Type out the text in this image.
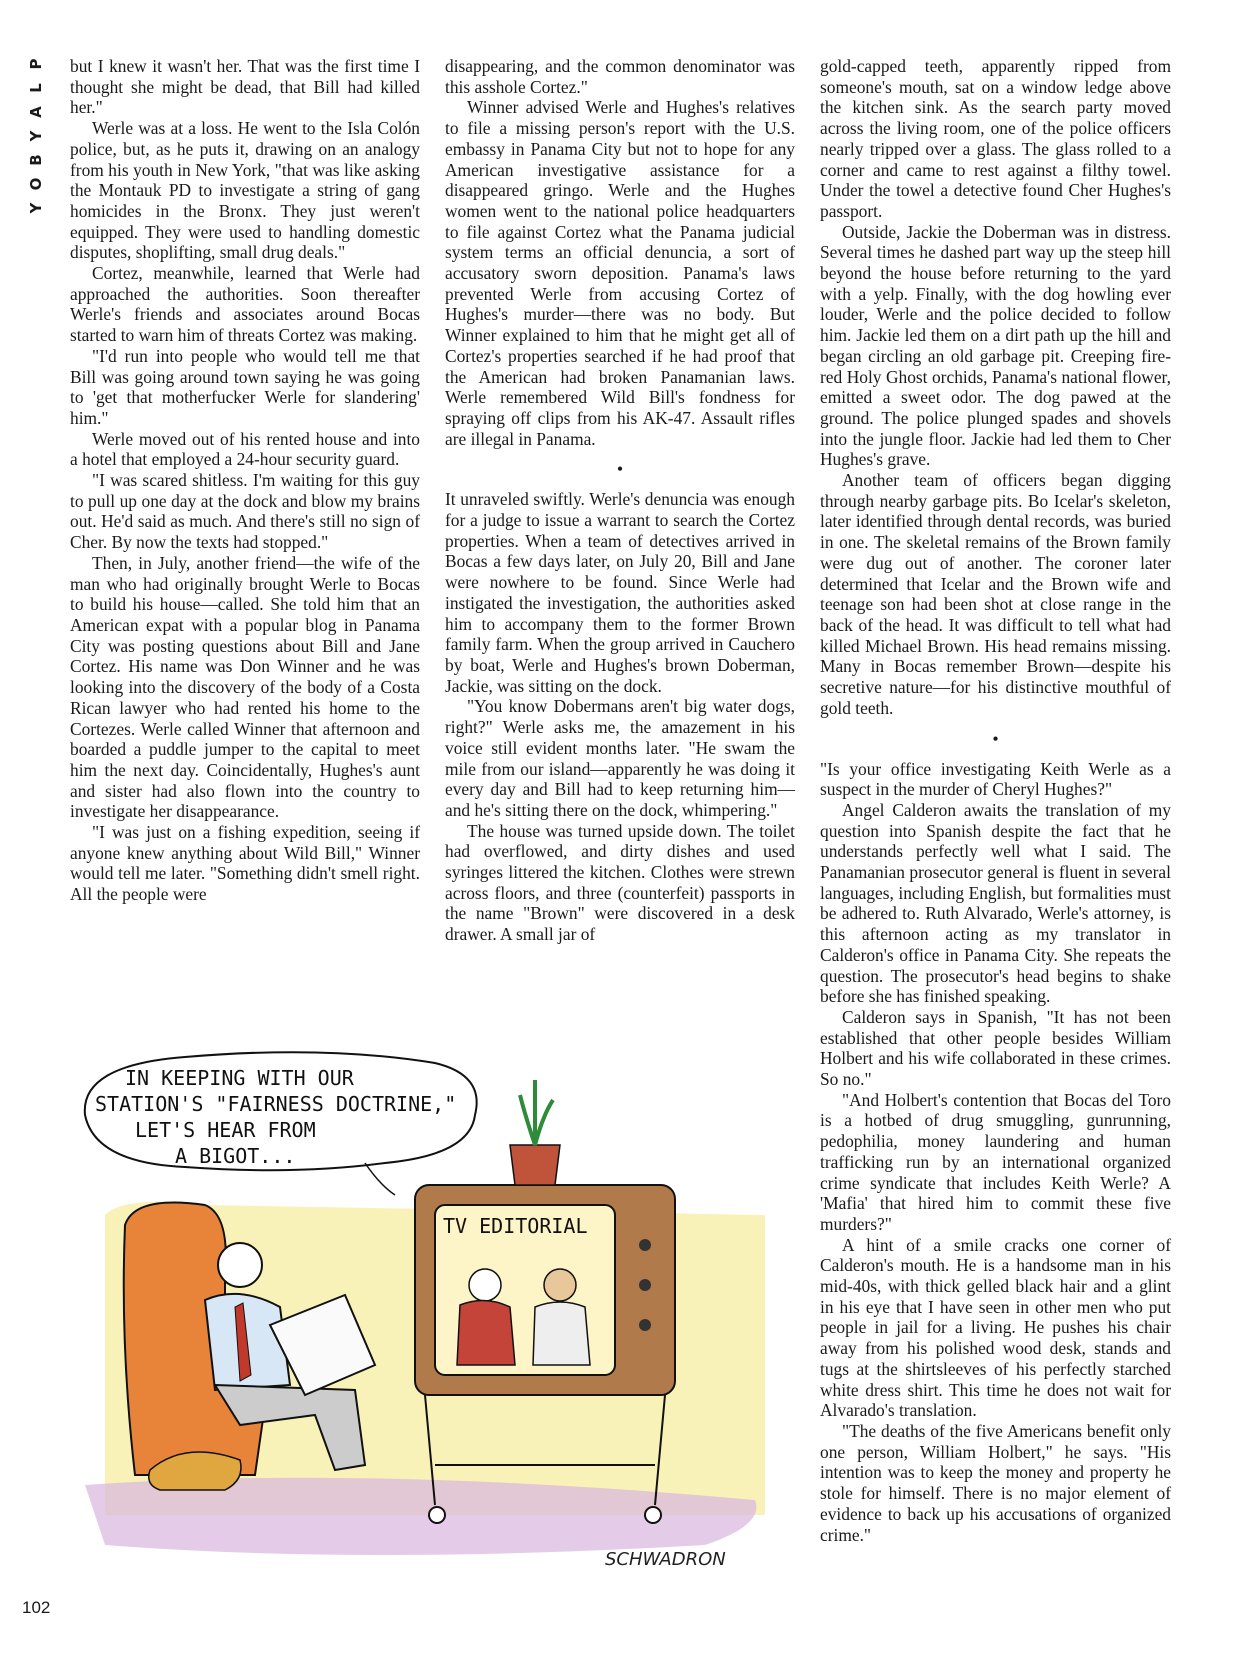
P
L
A
Y
B
O
Y

but I knew it wasn't her. That was the first time I thought she might be dead, that Bill had killed her."

Werle was at a loss. He went to the Isla Colón police, but, as he puts it, drawing on an analogy from his youth in New York, "that was like asking the Montauk PD to investigate a string of gang homicides in the Bronx. They just weren't equipped. They were used to handling domestic disputes, shoplifting, small drug deals."

Cortez, meanwhile, learned that Werle had approached the authorities. Soon thereafter Werle's friends and associates around Bocas started to warn him of threats Cortez was making.

"I'd run into people who would tell me that Bill was going around town saying he was going to 'get that motherfucker Werle for slandering' him."

Werle moved out of his rented house and into a hotel that employed a 24-hour security guard.

"I was scared shitless. I'm waiting for this guy to pull up one day at the dock and blow my brains out. He'd said as much. And there's still no sign of Cher. By now the texts had stopped."

Then, in July, another friend—the wife of the man who had originally brought Werle to Bocas to build his house—called. She told him that an American expat with a popular blog in Panama City was posting questions about Bill and Jane Cortez. His name was Don Winner and he was looking into the discovery of the body of a Costa Rican lawyer who had rented his home to the Cortezes. Werle called Winner that afternoon and boarded a puddle jumper to the capital to meet him the next day. Coincidentally, Hughes's aunt and sister had also flown into the country to investigate her disappearance.

"I was just on a fishing expedition, seeing if anyone knew anything about Wild Bill," Winner would tell me later. "Something didn't smell right. All the people were

disappearing, and the common denominator was this asshole Cortez."

Winner advised Werle and Hughes's relatives to file a missing person's report with the U.S. embassy in Panama City but not to hope for any American investigative assistance for a disappeared gringo. Werle and the Hughes women went to the national police headquarters to file against Cortez what the Panama judicial system terms an official denuncia, a sort of accusatory sworn deposition. Panama's laws prevented Werle from accusing Cortez of Hughes's murder—there was no body. But Winner explained to him that he might get all of Cortez's properties searched if he had proof that the American had broken Panamanian laws. Werle remembered Wild Bill's fondness for spraying off clips from his AK-47. Assault rifles are illegal in Panama.

•

It unraveled swiftly. Werle's denuncia was enough for a judge to issue a warrant to search the Cortez properties. When a team of detectives arrived in Bocas a few days later, on July 20, Bill and Jane were nowhere to be found. Since Werle had instigated the investigation, the authorities asked him to accompany them to the former Brown family farm. When the group arrived in Cauchero by boat, Werle and Hughes's brown Doberman, Jackie, was sitting on the dock.

"You know Dobermans aren't big water dogs, right?" Werle asks me, the amazement in his voice still evident months later. "He swam the mile from our island—apparently he was doing it every day and Bill had to keep returning him—and he's sitting there on the dock, whimpering."

The house was turned upside down. The toilet had overflowed, and dirty dishes and used syringes littered the kitchen. Clothes were strewn across floors, and three (counterfeit) passports in the name "Brown" were discovered in a desk drawer. A small jar of

gold-capped teeth, apparently ripped from someone's mouth, sat on a window ledge above the kitchen sink. As the search party moved across the living room, one of the police officers nearly tripped over a glass. The glass rolled to a corner and came to rest against a filthy towel. Under the towel a detective found Cher Hughes's passport.

Outside, Jackie the Doberman was in distress. Several times he dashed part way up the steep hill beyond the house before returning to the yard with a yelp. Finally, with the dog howling ever louder, Werle and the police decided to follow him. Jackie led them on a dirt path up the hill and began circling an old garbage pit. Creeping fire-red Holy Ghost orchids, Panama's national flower, emitted a sweet odor. The dog pawed at the ground. The police plunged spades and shovels into the jungle floor. Jackie had led them to Cher Hughes's grave.

Another team of officers began digging through nearby garbage pits. Bo Icelar's skeleton, later identified through dental records, was buried in one. The skeletal remains of the Brown family were dug out of another. The coroner later determined that Icelar and the Brown wife and teenage son had been shot at close range in the back of the head. It was difficult to tell what had killed Michael Brown. His head remains missing. Many in Bocas remember Brown—despite his secretive nature—for his distinctive mouthful of gold teeth.

•

"Is your office investigating Keith Werle as a suspect in the murder of Cheryl Hughes?"

Angel Calderon awaits the translation of my question into Spanish despite the fact that he understands perfectly well what I said. The Panamanian prosecutor general is fluent in several languages, including English, but formalities must be adhered to. Ruth Alvarado, Werle's attorney, is this afternoon acting as my translator in Calderon's office in Panama City. She repeats the question. The prosecutor's head begins to shake before she has finished speaking.

Calderon says in Spanish, "It has not been established that other people besides William Holbert and his wife collaborated in these crimes. So no."

"And Holbert's contention that Bocas del Toro is a hotbed of drug smuggling, gunrunning, pedophilia, money laundering and human trafficking run by an international organized crime syndicate that includes Keith Werle? A 'Mafia' that hired him to commit these five murders?"

A hint of a smile cracks one corner of Calderon's mouth. He is a handsome man in his mid-40s, with thick gelled black hair and a glint in his eye that I have seen in other men who put people in jail for a living. He pushes his chair away from his polished wood desk, stands and tugs at the shirtsleeves of his perfectly starched white dress shirt. This time he does not wait for Alvarado's translation.

"The deaths of the five Americans benefit only one person, William Holbert," he says. "His intention was to keep the money and property he stole for himself. There is no major element of evidence to back up his accusations of organized crime."

IN KEEPING WITH OUR
STATION'S "FAIRNESS DOCTRINE,"
LET'S HEAR FROM
A BIGOT...
TV EDITORIAL
SCHWADRON
102
